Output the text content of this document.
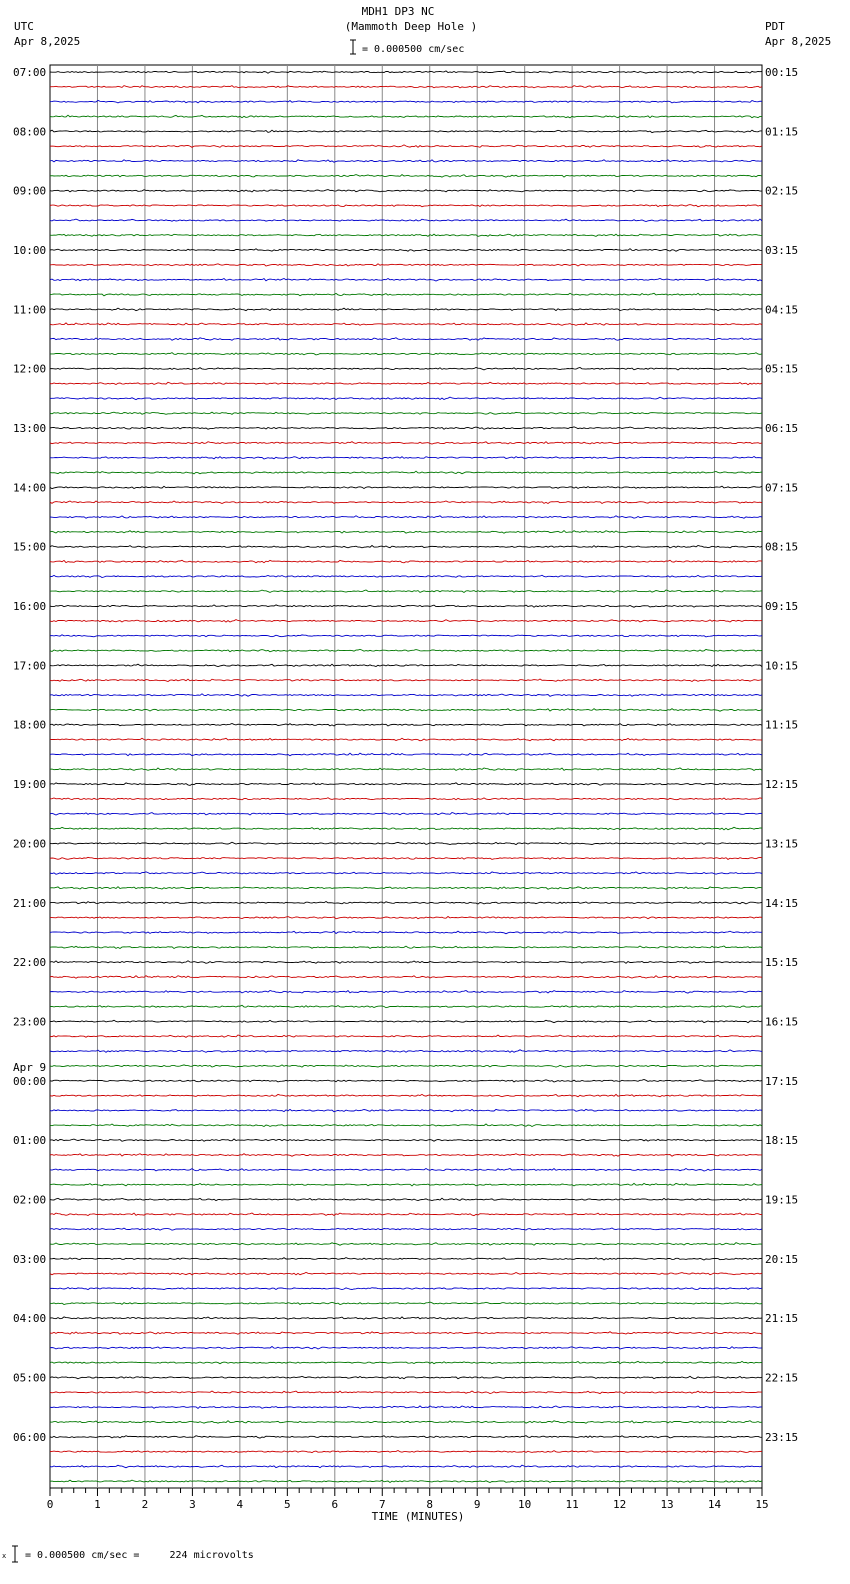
MDH1 DP3 NC
(Mammoth Deep Hole )
UTC
Apr 8,2025
PDT
Apr 8,2025
= 0.000500 cm/sec
07:00
08:00
09:00
10:00
11:00
12:00
13:00
14:00
15:00
16:00
17:00
18:00
19:00
20:00
21:00
22:00
23:00
00:00
01:00
02:00
03:00
04:00
05:00
06:00
00:15
01:15
02:15
03:15
04:15
05:15
06:15
07:15
08:15
09:15
10:15
11:15
12:15
13:15
14:15
15:15
16:15
17:15
18:15
19:15
20:15
21:15
22:15
23:15
Apr 9
0	1	2	3	4	5	6	7	8	9	10	11	12	13	14	15
TIME (MINUTES)
x = 0.000500 cm/sec =     224 microvolts
